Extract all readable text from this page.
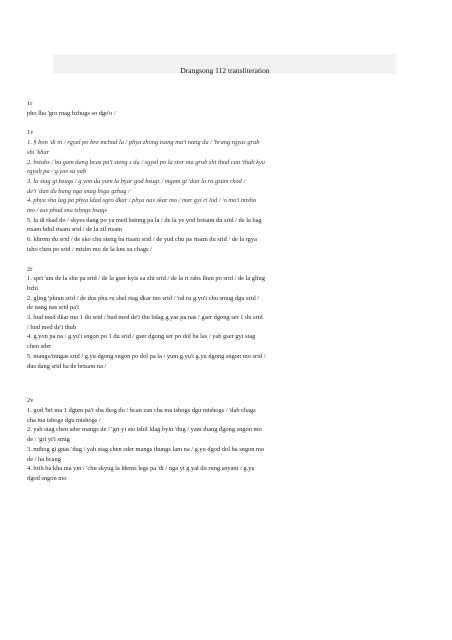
Drangsong 112 transliteration
1r
pho lha 'gro rnag bzhugs so dge'o /
1v
1. § bon 'di ni / rgyal po bro mchod la / phya zhong tsang ma'i nang du / 'brang rgyas grub
shi 'khar
2. bstabs / ba gam dang bcas pa'i steng s du / sgyal po la stor ma grub shi thod can 'thab kyu
rgyab pa / g.yas su yab
3. la stag gi bzugs / g.yon du yum la byar god bzugs / mgam gi 'dun la ra gsum rkod /
de'i 'dun du bang nga snag bsgu gzhag /
4. phya sha lag pa phya ldad sgro dkar / phya nas skar mo / mar gyi ri lod / 'o ma'i mtsho
mo / zas phud sna tshogs bsags
5. la di rkad do / skyes dang po ya med bstong pa la / de la ye yod brtsam du srid / de la bag
rtsam bdul rtsam srid / de la zil rtsam
6. khrom du srid / de sko chu steng ba rtsam srid / de yud chu pa rtsam du srid / de la rgya
tsho chen po srid / mtsho mo de la kns su chags /
2r
1. spri 'am de la sbu pa srid / de la gser kyis sa zhi srid / de la ri rabs lhun po srid / de la gling
bzhi
2. gling 'phran srid / de dus phu ru shel rtag dkar mo srid / 'od ru g.yu'i chu smug dgu srid /
de nang nas srid pa'i
3. bud med dkar mo 1 du srid / bud med de'i thu bdag g.yas pa nas / gser dgong ser 1 du srid
/ bud med de'i thub
4. g.yon pa na / g.yu'i sngon po 1 du srid / gser dgong ser po dol ba las / yab gser gyi stag
chen sder
5. mangs/mngas srid / g.yu dgong sngon po dol pa la / yum g.yu'i g.yu dgong sngon mo srid /
dus dang srid ba de brtsam na /
2v
1. god 'bri ma 1 dgum pa'i sha thog du / bcan zan cha ma tshogs dgu mtshogs / 'dab chags
cha ma tshogs dgu mtshogs /
2. yab stag chen sder mangs de / 'gri yi sto tshil ldag byin 'dug / yam thang dgong sngon mo
de / 'gri yi'i smig
3. mthog gi gnas 'dug / yab stag chen sder mangs thungs lam na / g.yu dgod dol ba sngon mo
de / ha bcang
4. brib ba kha ma yin / 'chu skyug la ldems legs pa 'di / nga yi g.yal du rung snyam / g.yu
dgod sngon mo
